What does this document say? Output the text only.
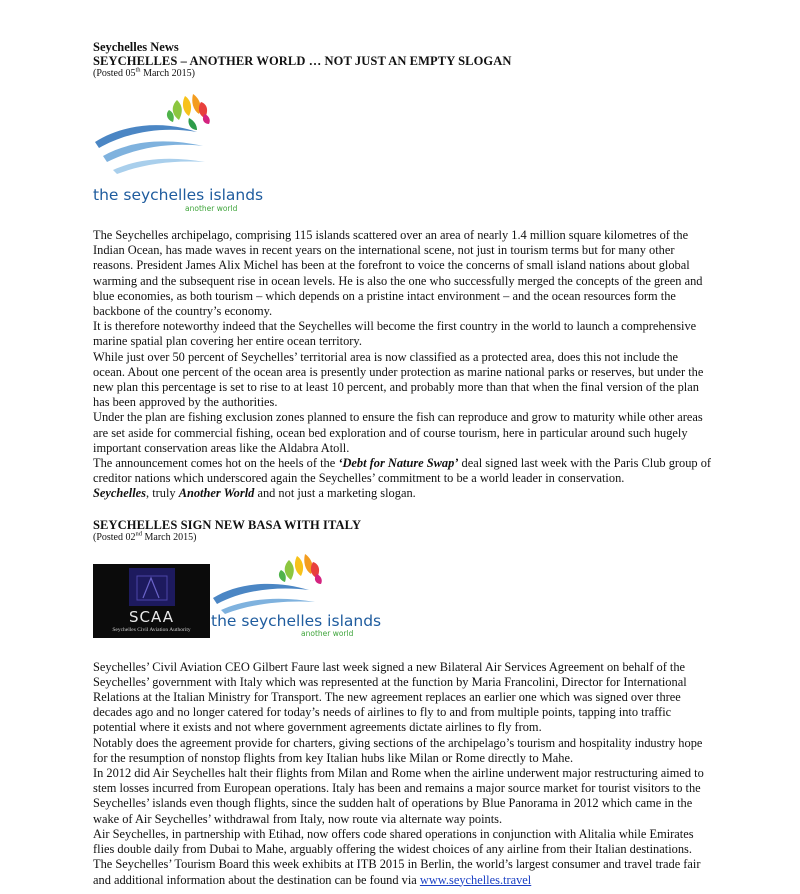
Seychelles News
SEYCHELLES – ANOTHER WORLD … NOT JUST AN EMPTY SLOGAN
(Posted 05th March 2015)
the seychelles islands
another world

The Seychelles archipelago, comprising 115 islands scattered over an area of nearly 1.4 million square kilometres of the Indian Ocean, has made waves in recent years on the international scene, not just in tourism terms but for many other reasons. President James Alix Michel has been at the forefront to voice the concerns of small island nations about global warming and the subsequent rise in ocean levels. He is also the one who successfully merged the concepts of the green and blue economies, as both tourism – which depends on a pristine intact environment – and the ocean resources form the backbone of the country’s economy.

It is therefore noteworthy indeed that the Seychelles will become the first country in the world to launch a comprehensive marine spatial plan covering her entire ocean territory.

While just over 50 percent of Seychelles’ territorial area is now classified as a protected area, does this not include the ocean. About one percent of the ocean area is presently under protection as marine national parks or reserves, but under the new plan this percentage is set to rise to at least 10 percent, and probably more than that when the final version of the plan has been approved by the authorities.

Under the plan are fishing exclusion zones planned to ensure the fish can reproduce and grow to maturity while other areas are set aside for commercial fishing, ocean bed exploration and of course tourism, here in particular around such hugely important conservation areas like the Aldabra Atoll.

The announcement comes hot on the heels of the ‘Debt for Nature Swap’ deal signed last week with the Paris Club group of creditor nations which underscored again the Seychelles’ commitment to be a world leader in conservation.

Seychelles, truly Another World and not just a marketing slogan.

SEYCHELLES SIGN NEW BASA WITH ITALY
(Posted 02nd March 2015)
SCAA
Seychelles Civil Aviation Authority	the seychelles islands
another world

Seychelles’ Civil Aviation CEO Gilbert Faure last week signed a new Bilateral Air Services Agreement on behalf of the Seychelles’ government with Italy which was represented at the function by Maria Francolini, Director for International Relations at the Italian Ministry for Transport. The new agreement replaces an earlier one which was signed over three decades ago and no longer catered for today’s needs of airlines to fly to and from multiple points, tapping into traffic potential where it exists and not where government agreements dictate airlines to fly from.

Notably does the agreement provide for charters, giving sections of the archipelago’s tourism and hospitality industry hope for the resumption of nonstop flights from key Italian hubs like Milan or Rome directly to Mahe.

In 2012 did Air Seychelles halt their flights from Milan and Rome when the airline underwent major restructuring aimed to stem losses incurred from European operations. Italy has been and remains a major source market for tourist visitors to the Seychelles’ islands even though flights, since the sudden halt of operations by Blue Panorama in 2012 which came in the wake of Air Seychelles’ withdrawal from Italy, now route via alternate way points.

Air Seychelles, in partnership with Etihad, now offers code shared operations in conjunction with Alitalia while Emirates flies double daily from Dubai to Mahe, arguably offering the widest choices of any airline from their Italian destinations.

The Seychelles’ Tourism Board this week exhibits at ITB 2015 in Berlin, the world’s largest consumer and travel trade fair and additional information about the destination can be found via www.seychelles.travel
